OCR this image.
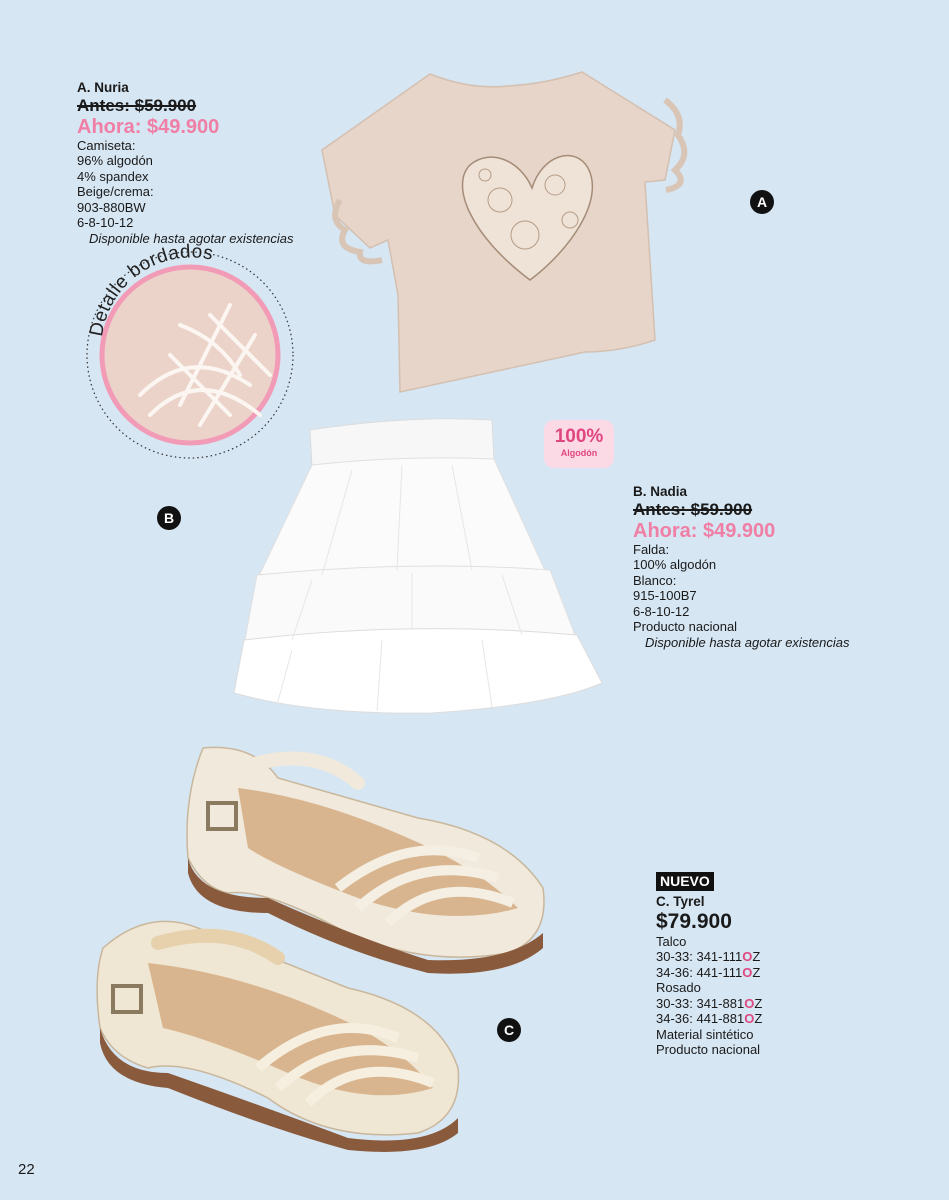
A. Nuria
Antes: $59.900
Ahora: $49.900
Camiseta:
96% algodón
4% spandex
Beige/crema:
903-880BW
6-8-10-12
Disponible hasta agotar existencias
Detalle bordados
A
100%
Algodón
B
B. Nadia
Antes: $59.900
Ahora: $49.900
Falda:
100% algodón
Blanco:
915-100B7
6-8-10-12
Producto nacional
Disponible hasta agotar existencias
C
NUEVO
C. Tyrel
$79.900
Talco
30-33: 341-111OZ
34-36: 441-111OZ
Rosado
30-33: 341-881OZ
34-36: 441-881OZ
Material sintético
Producto nacional
22
